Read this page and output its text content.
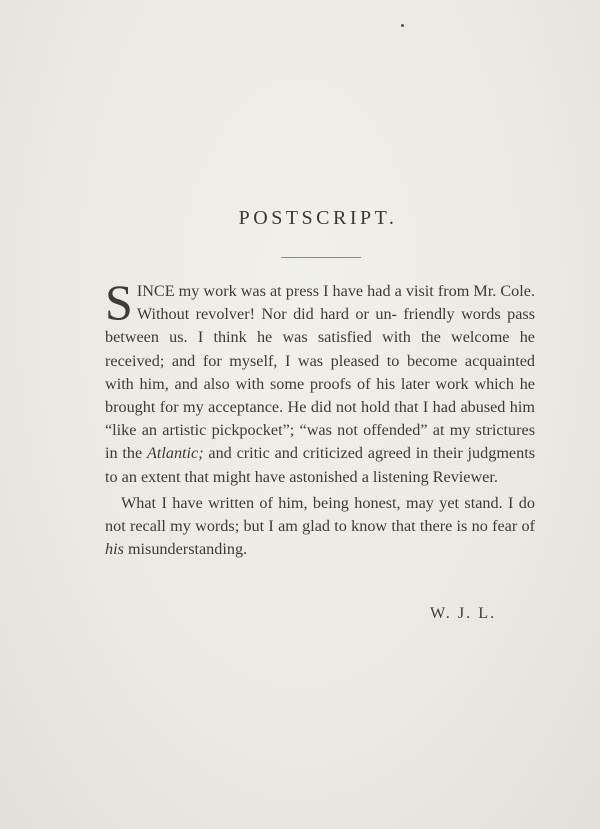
POSTSCRIPT.

SINCE my work was at press I have had a visit from Mr. Cole. Without revolver! Nor did hard or un- friendly words pass between us. I think he was satisfied with the welcome he received; and for myself, I was pleased to become acquainted with him, and also with some proofs of his later work which he brought for my acceptance. He did not hold that I had abused him “like an artistic pickpocket”; “was not offended” at my strictures in the Atlantic; and critic and criticized agreed in their judgments to an extent that might have astonished a listening Reviewer.

What I have written of him, being honest, may yet stand. I do not recall my words; but I am glad to know that there is no fear of his misunderstanding.

W. J. L.
